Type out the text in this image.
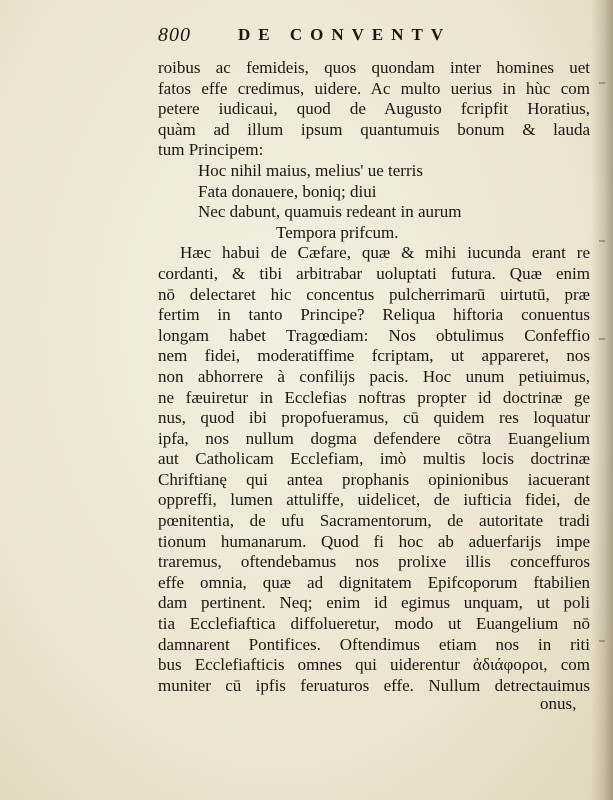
800	DE CONVENTV
roibus ac femideis, quos quondam inter homines uet
fatos effe credimus, uidere. Ac multo uerius in hùc com
petere iudicaui, quod de Augusto fcripfit Horatius,
quàm ad illum ipsum quantumuis bonum & lauda
tum Principem:
Hoc nihil maius, melius' ue terris
Fata donauere, boniq; diui
Nec dabunt, quamuis redeant in aurum
Tempora prifcum.
Hæc habui de Cæfare, quæ & mihi iucunda erant re
cordanti, & tibi arbitrabar uoluptati futura. Quæ enim
nō delectaret hic concentus pulcherrimarū uirtutū, præ
fertim in tanto Principe? Reliqua hiftoria conuentus
longam habet Tragœdiam: Nos obtulimus Confeffio
nem fidei, moderatiffime fcriptam, ut appareret, nos
non abhorrere à confilijs pacis. Hoc unum petiuimus,
ne fæuiretur in Ecclefias noftras propter id doctrinæ ge
nus, quod ibi propofueramus, cū quidem res loquatur
ipfa, nos nullum dogma defendere cōtra Euangelium
aut Catholicam Ecclefiam, imò multis locis doctrinæ
Chriftianę qui antea prophanis opinionibus iacuerant
oppreffi, lumen attuliffe, uidelicet, de iufticia fidei, de
pœnitentia, de ufu Sacramentorum, de autoritate tradi
tionum humanarum. Quod fi hoc ab aduerfarijs impe
traremus, oftendebamus nos prolixe illis conceffuros
effe omnia, quæ ad dignitatem Epifcoporum ftabilien
dam pertinent. Neq; enim id egimus unquam, ut poli
tia Ecclefiaftica diffolueretur, modo ut Euangelium nō
damnarent Pontifices. Oftendimus etiam nos in riti
bus Ecclefiafticis omnes qui uiderentur ἀδιάφοροι, com
muniter cū ipfis feruaturos effe. Nullum detrectauimus
onus,
